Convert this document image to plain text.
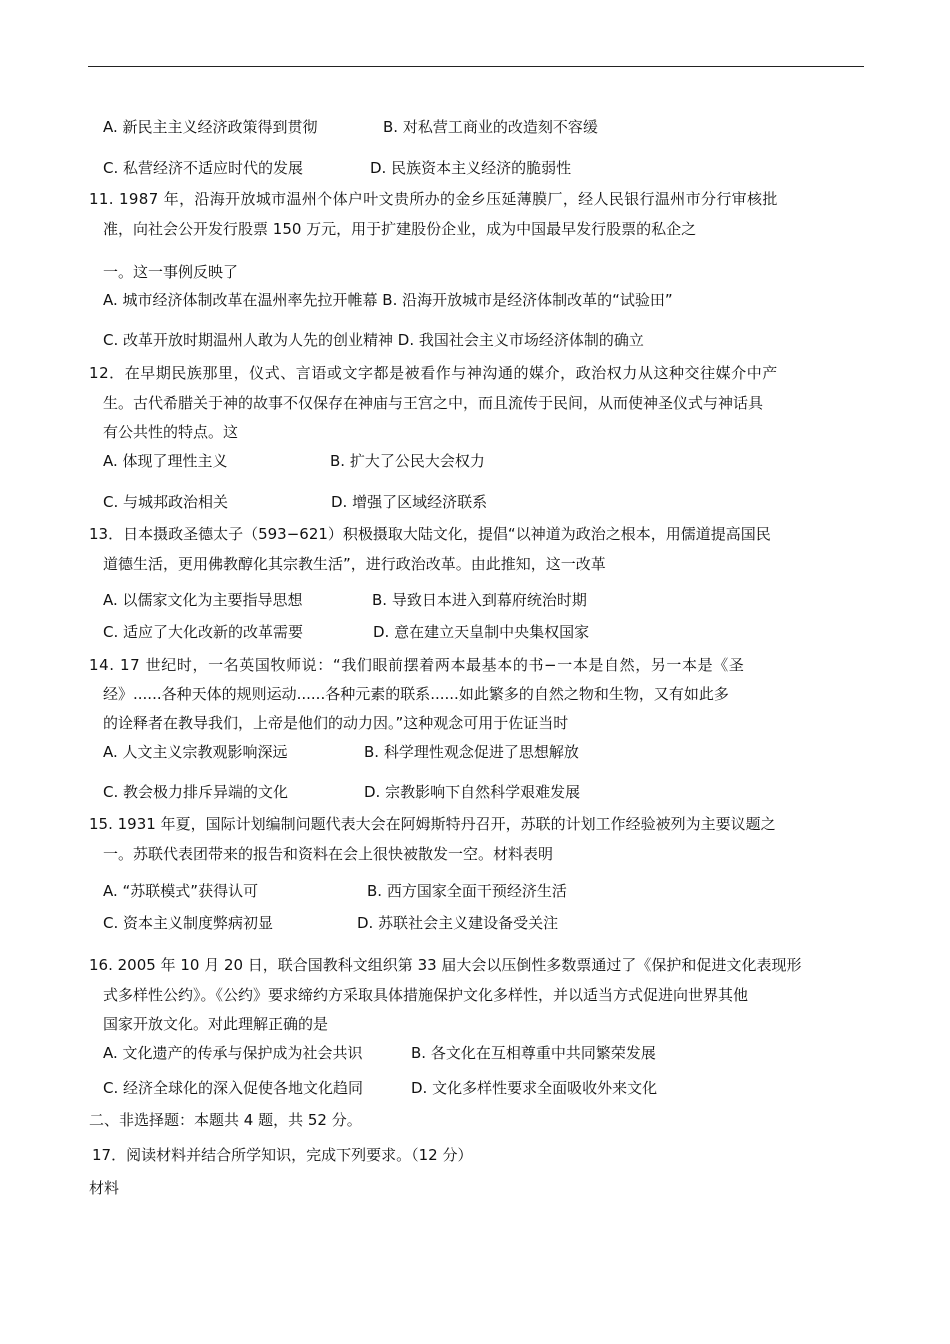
A. 新民主主义经济政策得到贯彻	B. 对私营工商业的改造刻不容缓
C. 私营经济不适应时代的发展	D. 民族资本主义经济的脆弱性
11. 1987 年，沿海开放城市温州个体户叶文贵所办的金乡压延薄膜厂，经人民银行温州市分行审核批
准，向社会公开发行股票 150 万元，用于扩建股份企业，成为中国最早发行股票的私企之
一。这一事例反映了
A. 城市经济体制改革在温州率先拉开帷幕 B. 沿海开放城市是经济体制改革的“试验田”
C. 改革开放时期温州人敢为人先的创业精神 D. 我国社会主义市场经济体制的确立
12．在早期民族那里，仪式、言语或文字都是被看作与神沟通的媒介，政治权力从这种交往媒介中产
生。古代希腊关于神的故事不仅保存在神庙与王宫之中，而且流传于民间，从而使神圣仪式与神话具
有公共性的特点。这
A. 体现了理性主义	B. 扩大了公民大会权力
C. 与城邦政治相关	D. 增强了区域经济联系
13．日本摄政圣德太子（593−621）积极摄取大陆文化，提倡“以神道为政治之根本，用儒道提高国民
道德生活，更用佛教醇化其宗教生活”，进行政治改革。由此推知，这一改革
A. 以儒家文化为主要指导思想	B. 导致日本进入到幕府统治时期
C. 适应了大化改新的改革需要	D. 意在建立天皇制中央集权国家
14. 17 世纪时，一名英国牧师说：“我们眼前摆着两本最基本的书−一本是自然，另一本是《圣
经》......各种天体的规则运动......各种元素的联系......如此繁多的自然之物和生物，又有如此多
的诠释者在教导我们，上帝是他们的动力因。”这种观念可用于佐证当时
A. 人文主义宗教观影响深远	B. 科学理性观念促进了思想解放
C. 教会极力排斥异端的文化	D. 宗教影响下自然科学艰难发展
15. 1931 年夏，国际计划编制问题代表大会在阿姆斯特丹召开，苏联的计划工作经验被列为主要议题之
一。苏联代表团带来的报告和资料在会上很快被散发一空。材料表明
A. “苏联模式”获得认可	B. 西方国家全面干预经济生活
C. 资本主义制度弊病初显	D. 苏联社会主义建设备受关注
16. 2005 年 10 月 20 日，联合国教科文组织第 33 届大会以压倒性多数票通过了《保护和促进文化表现形
式多样性公约》。《公约》要求缔约方采取具体措施保护文化多样性，并以适当方式促进向世界其他
国家开放文化。对此理解正确的是
A. 文化遗产的传承与保护成为社会共识	B. 各文化在互相尊重中共同繁荣发展
C. 经济全球化的深入促使各地文化趋同	D. 文化多样性要求全面吸收外来文化
二、非选择题：本题共 4 题，共 52 分。
17．阅读材料并结合所学知识，完成下列要求。（12 分）
材料
